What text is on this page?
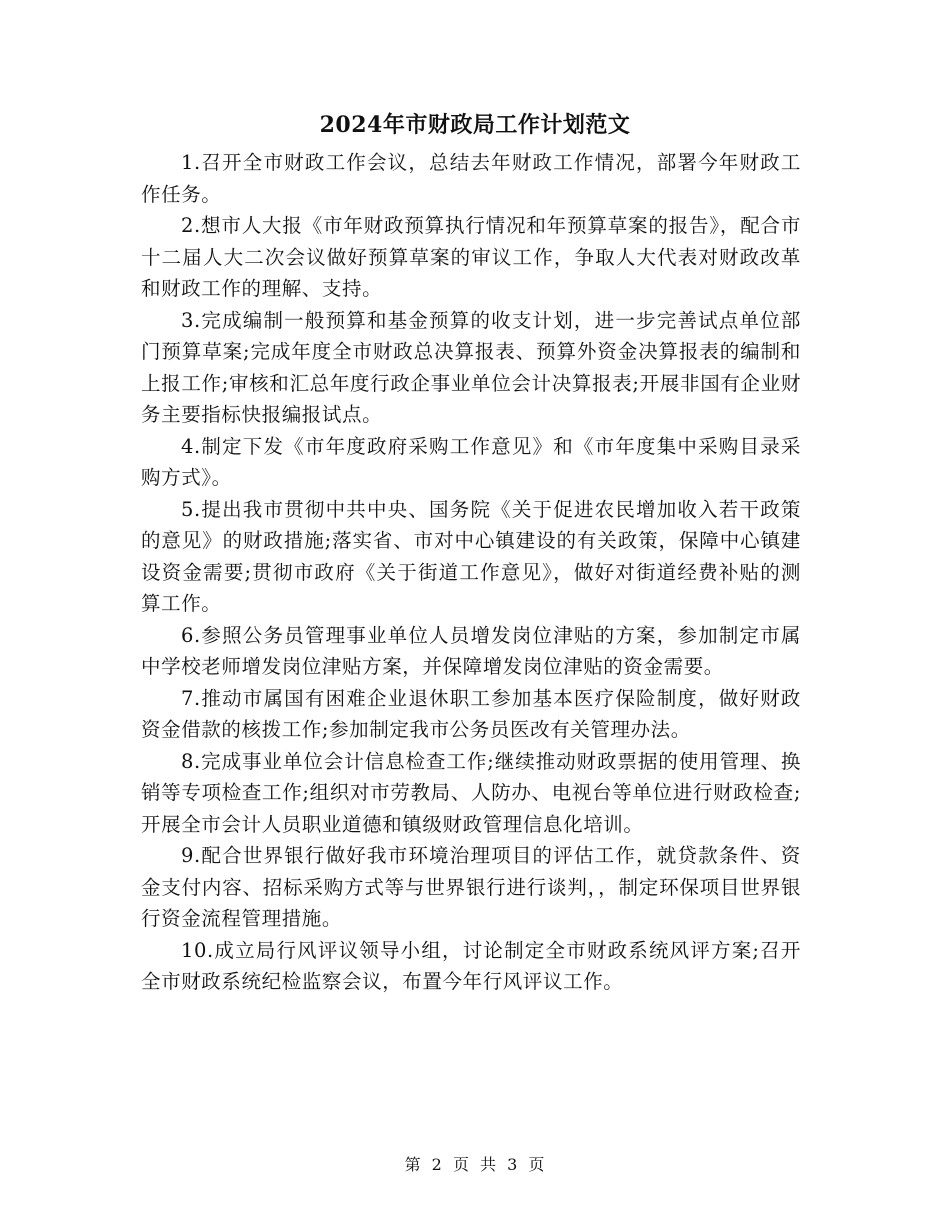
2024年市财政局工作计划范文

1.召开全市财政工作会议，总结去年财政工作情况，部署今年财政工作任务。

2.想市人大报《市年财政预算执行情况和年预算草案的报告》，配合市十二届人大二次会议做好预算草案的审议工作，争取人大代表对财政改革和财政工作的理解、支持。

3.完成编制一般预算和基金预算的收支计划，进一步完善试点单位部门预算草案;完成年度全市财政总决算报表、预算外资金决算报表的编制和上报工作;审核和汇总年度行政企事业单位会计决算报表;开展非国有企业财务主要指标快报编报试点。

4.制定下发《市年度政府采购工作意见》和《市年度集中采购目录采购方式》。

5.提出我市贯彻中共中央、国务院《关于促进农民增加收入若干政策的意见》的财政措施;落实省、市对中心镇建设的有关政策，保障中心镇建设资金需要;贯彻市政府《关于街道工作意见》，做好对街道经费补贴的测算工作。

6.参照公务员管理事业单位人员增发岗位津贴的方案，参加制定市属中学校老师增发岗位津贴方案，并保障增发岗位津贴的资金需要。

7.推动市属国有困难企业退休职工参加基本医疗保险制度，做好财政资金借款的核拨工作;参加制定我市公务员医改有关管理办法。

8.完成事业单位会计信息检查工作;继续推动财政票据的使用管理、换销等专项检查工作;组织对市劳教局、人防办、电视台等单位进行财政检查;开展全市会计人员职业道德和镇级财政管理信息化培训。

9.配合世界银行做好我市环境治理项目的评估工作，就贷款条件、资金支付内容、招标采购方式等与世界银行进行谈判，，制定环保项目世界银行资金流程管理措施。

10.成立局行风评议领导小组，讨论制定全市财政系统风评方案;召开全市财政系统纪检监察会议，布置今年行风评议工作。

第 2 页 共 3 页
